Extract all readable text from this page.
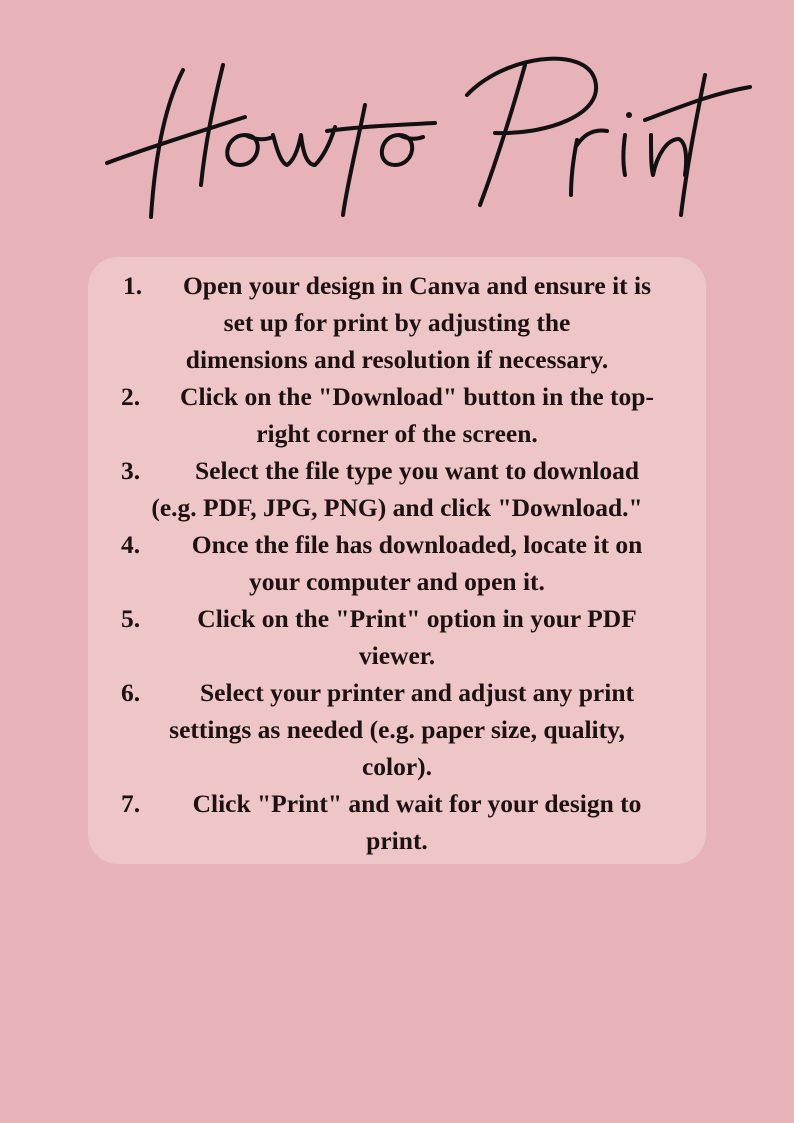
Open your design in Canva and ensure it is
set up for print by adjusting the
dimensions and resolution if necessary.
1.
Click on the "Download" button in the top-
right corner of the screen.
2.
Select the file type you want to download
(e.g. PDF, JPG, PNG) and click "Download."
3.
Once the file has downloaded, locate it on
your computer and open it.
4.
Click on the "Print" option in your PDF
viewer.
5.
Select your printer and adjust any print
settings as needed (e.g. paper size, quality,
color).
6.
Click "Print" and wait for your design to
print.
7.
